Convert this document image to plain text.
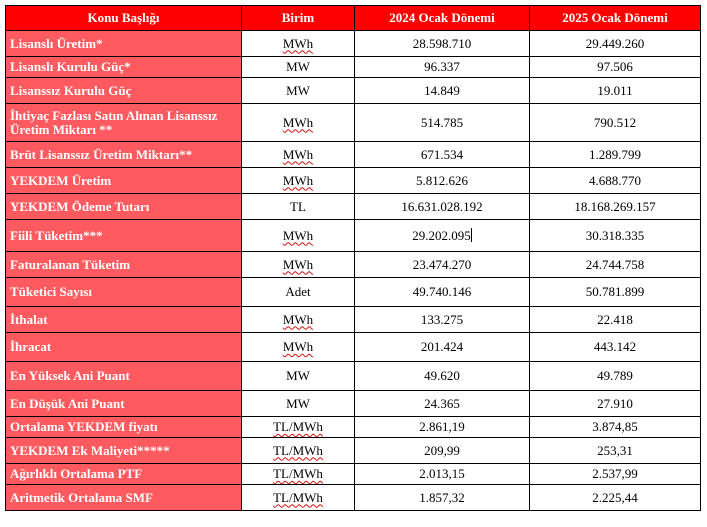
Konu Başlığı	Birim	2024 Ocak Dönemi	2025 Ocak Dönemi
Lisanslı Üretim*	MWh	28.598.710	29.449.260
Lisanslı Kurulu Güç*	MW	96.337	97.506
Lisanssız Kurulu Güç	MW	14.849	19.011
İhtiyaç Fazlası Satın Alınan Lisanssız Üretim Miktarı **	MWh	514.785	790.512
Brüt Lisanssız Üretim Miktarı**	MWh	671.534	1.289.799
YEKDEM Üretim	MWh	5.812.626	4.688.770
YEKDEM Ödeme Tutarı	TL	16.631.028.192	18.168.269.157
Fiili Tüketim***	MWh	29.202.095	30.318.335
Faturalanan Tüketim	MWh	23.474.270	24.744.758
Tüketici Sayısı	Adet	49.740.146	50.781.899
İthalat	MWh	133.275	22.418
İhracat	MWh	201.424	443.142
En Yüksek Ani Puant	MW	49.620	49.789
En Düşük Ani Puant	MW	24.365	27.910
Ortalama YEKDEM fiyatı	TL/MWh	2.861,19	3.874,85
YEKDEM Ek Maliyeti*****	TL/MWh	209,99	253,31
Ağırlıklı Ortalama PTF	TL/MWh	2.013,15	2.537,99
Aritmetik Ortalama SMF	TL/MWh	1.857,32	2.225,44
